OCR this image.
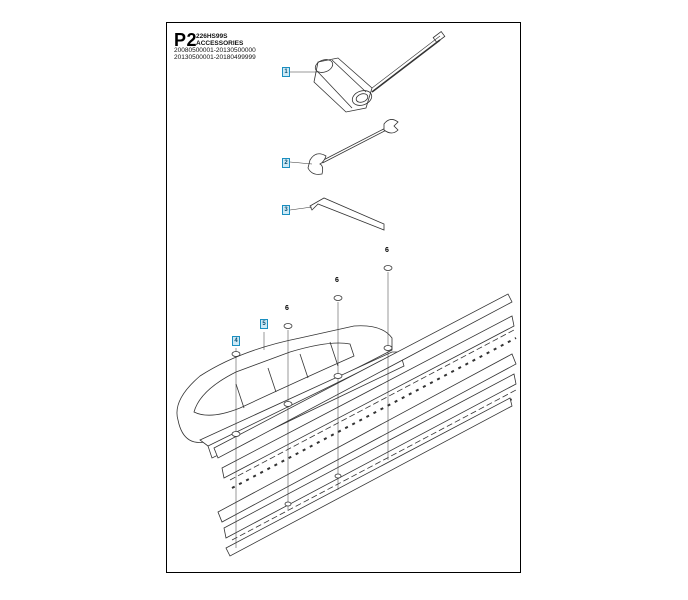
P2
226HS99S
ACCESSORIES
20080500001-20130500000
20130500001-20180499999
1
2
3
4
5
6
6
6
